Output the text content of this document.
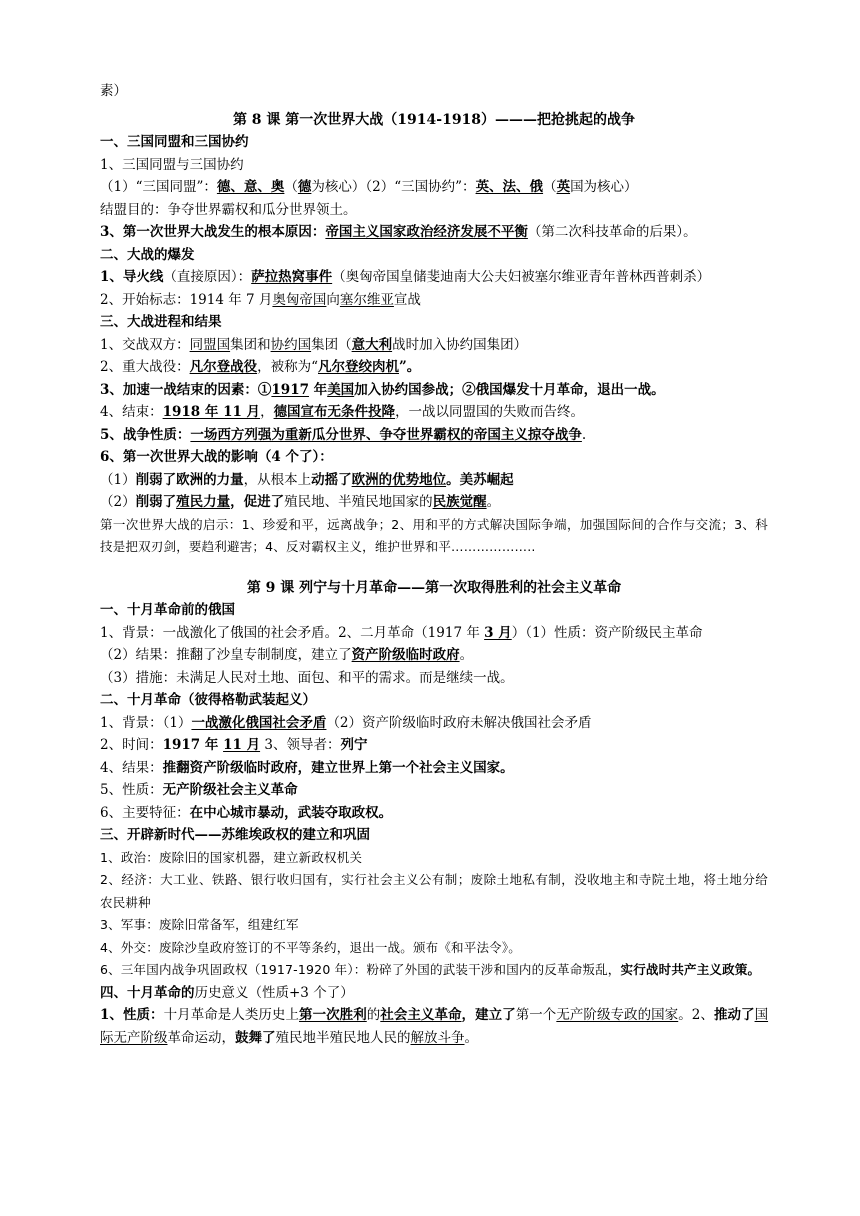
素）
第 8 课 第一次世界大战（1914-1918）———把抢挑起的战争
一、三国同盟和三国协约
1、三国同盟与三国协约
（1）“三国同盟”：德、意、奥（德为核心）（2）“三国协约”：英、法、俄（英国为核心）
结盟目的：争夺世界霸权和瓜分世界领土。
3、第一次世界大战发生的根本原因：帝国主义国家政治经济发展不平衡（第二次科技革命的后果）。
二、大战的爆发
1、导火线（直接原因）：萨拉热窝事件（奥匈帝国皇储斐迪南大公夫妇被塞尔维亚青年普林西普刺杀）
2、开始标志：1914 年 7 月奥匈帝国向塞尔维亚宣战
三、大战进程和结果
1、交战双方：同盟国集团和协约国集团（意大利战时加入协约国集团）
2、重大战役：凡尔登战役，被称为“凡尔登绞肉机”。
3、加速一战结束的因素：①1917 年美国加入协约国参战；②俄国爆发十月革命，退出一战。
4、结束：1918 年 11 月，德国宣布无条件投降，一战以同盟国的失败而告终。
5、战争性质：一场西方列强为重新瓜分世界、争夺世界霸权的帝国主义掠夺战争.
6、第一次世界大战的影响（4 个了）：
（1）削弱了欧洲的力量，从根本上动摇了欧洲的优势地位。美苏崛起
（2）削弱了殖民力量，促进了殖民地、半殖民地国家的民族觉醒。
第一次世界大战的启示：1、珍爱和平，远离战争；2、用和平的方式解决国际争端，加强国际间的合作与交流；3、科技是把双刃剑，要趋利避害；4、反对霸权主义，维护世界和平………………..
第 9 课 列宁与十月革命——第一次取得胜利的社会主义革命
一、十月革命前的俄国
1、背景：一战激化了俄国的社会矛盾。2、二月革命（1917 年 3 月）（1）性质：资产阶级民主革命
（2）结果：推翻了沙皇专制制度，建立了资产阶级临时政府。
（3）措施：未满足人民对土地、面包、和平的需求。而是继续一战。
二、十月革命（彼得格勒武装起义）
1、背景：（1）一战激化俄国社会矛盾（2）资产阶级临时政府未解决俄国社会矛盾
2、时间：1917 年 11 月 3、领导者：列宁
4、结果：推翻资产阶级临时政府，建立世界上第一个社会主义国家。
5、性质：无产阶级社会主义革命
6、主要特征：在中心城市暴动，武装夺取政权。
三、开辟新时代——苏维埃政权的建立和巩固
1、政治：废除旧的国家机器，建立新政权机关
2、经济：大工业、铁路、银行收归国有，实行社会主义公有制；废除土地私有制，没收地主和寺院土地，将土地分给农民耕种
3、军事：废除旧常备军，组建红军
4、外交：废除沙皇政府签订的不平等条约，退出一战。颁布《和平法令》。
6、三年国内战争巩固政权（1917-1920 年）：粉碎了外国的武装干涉和国内的反革命叛乱，实行战时共产主义政策。
四、十月革命的历史意义（性质+3 个了）
1、性质：十月革命是人类历史上第一次胜利的社会主义革命，建立了第一个无产阶级专政的国家。2、推动了国际无产阶级革命运动，鼓舞了殖民地半殖民地人民的解放斗争。
